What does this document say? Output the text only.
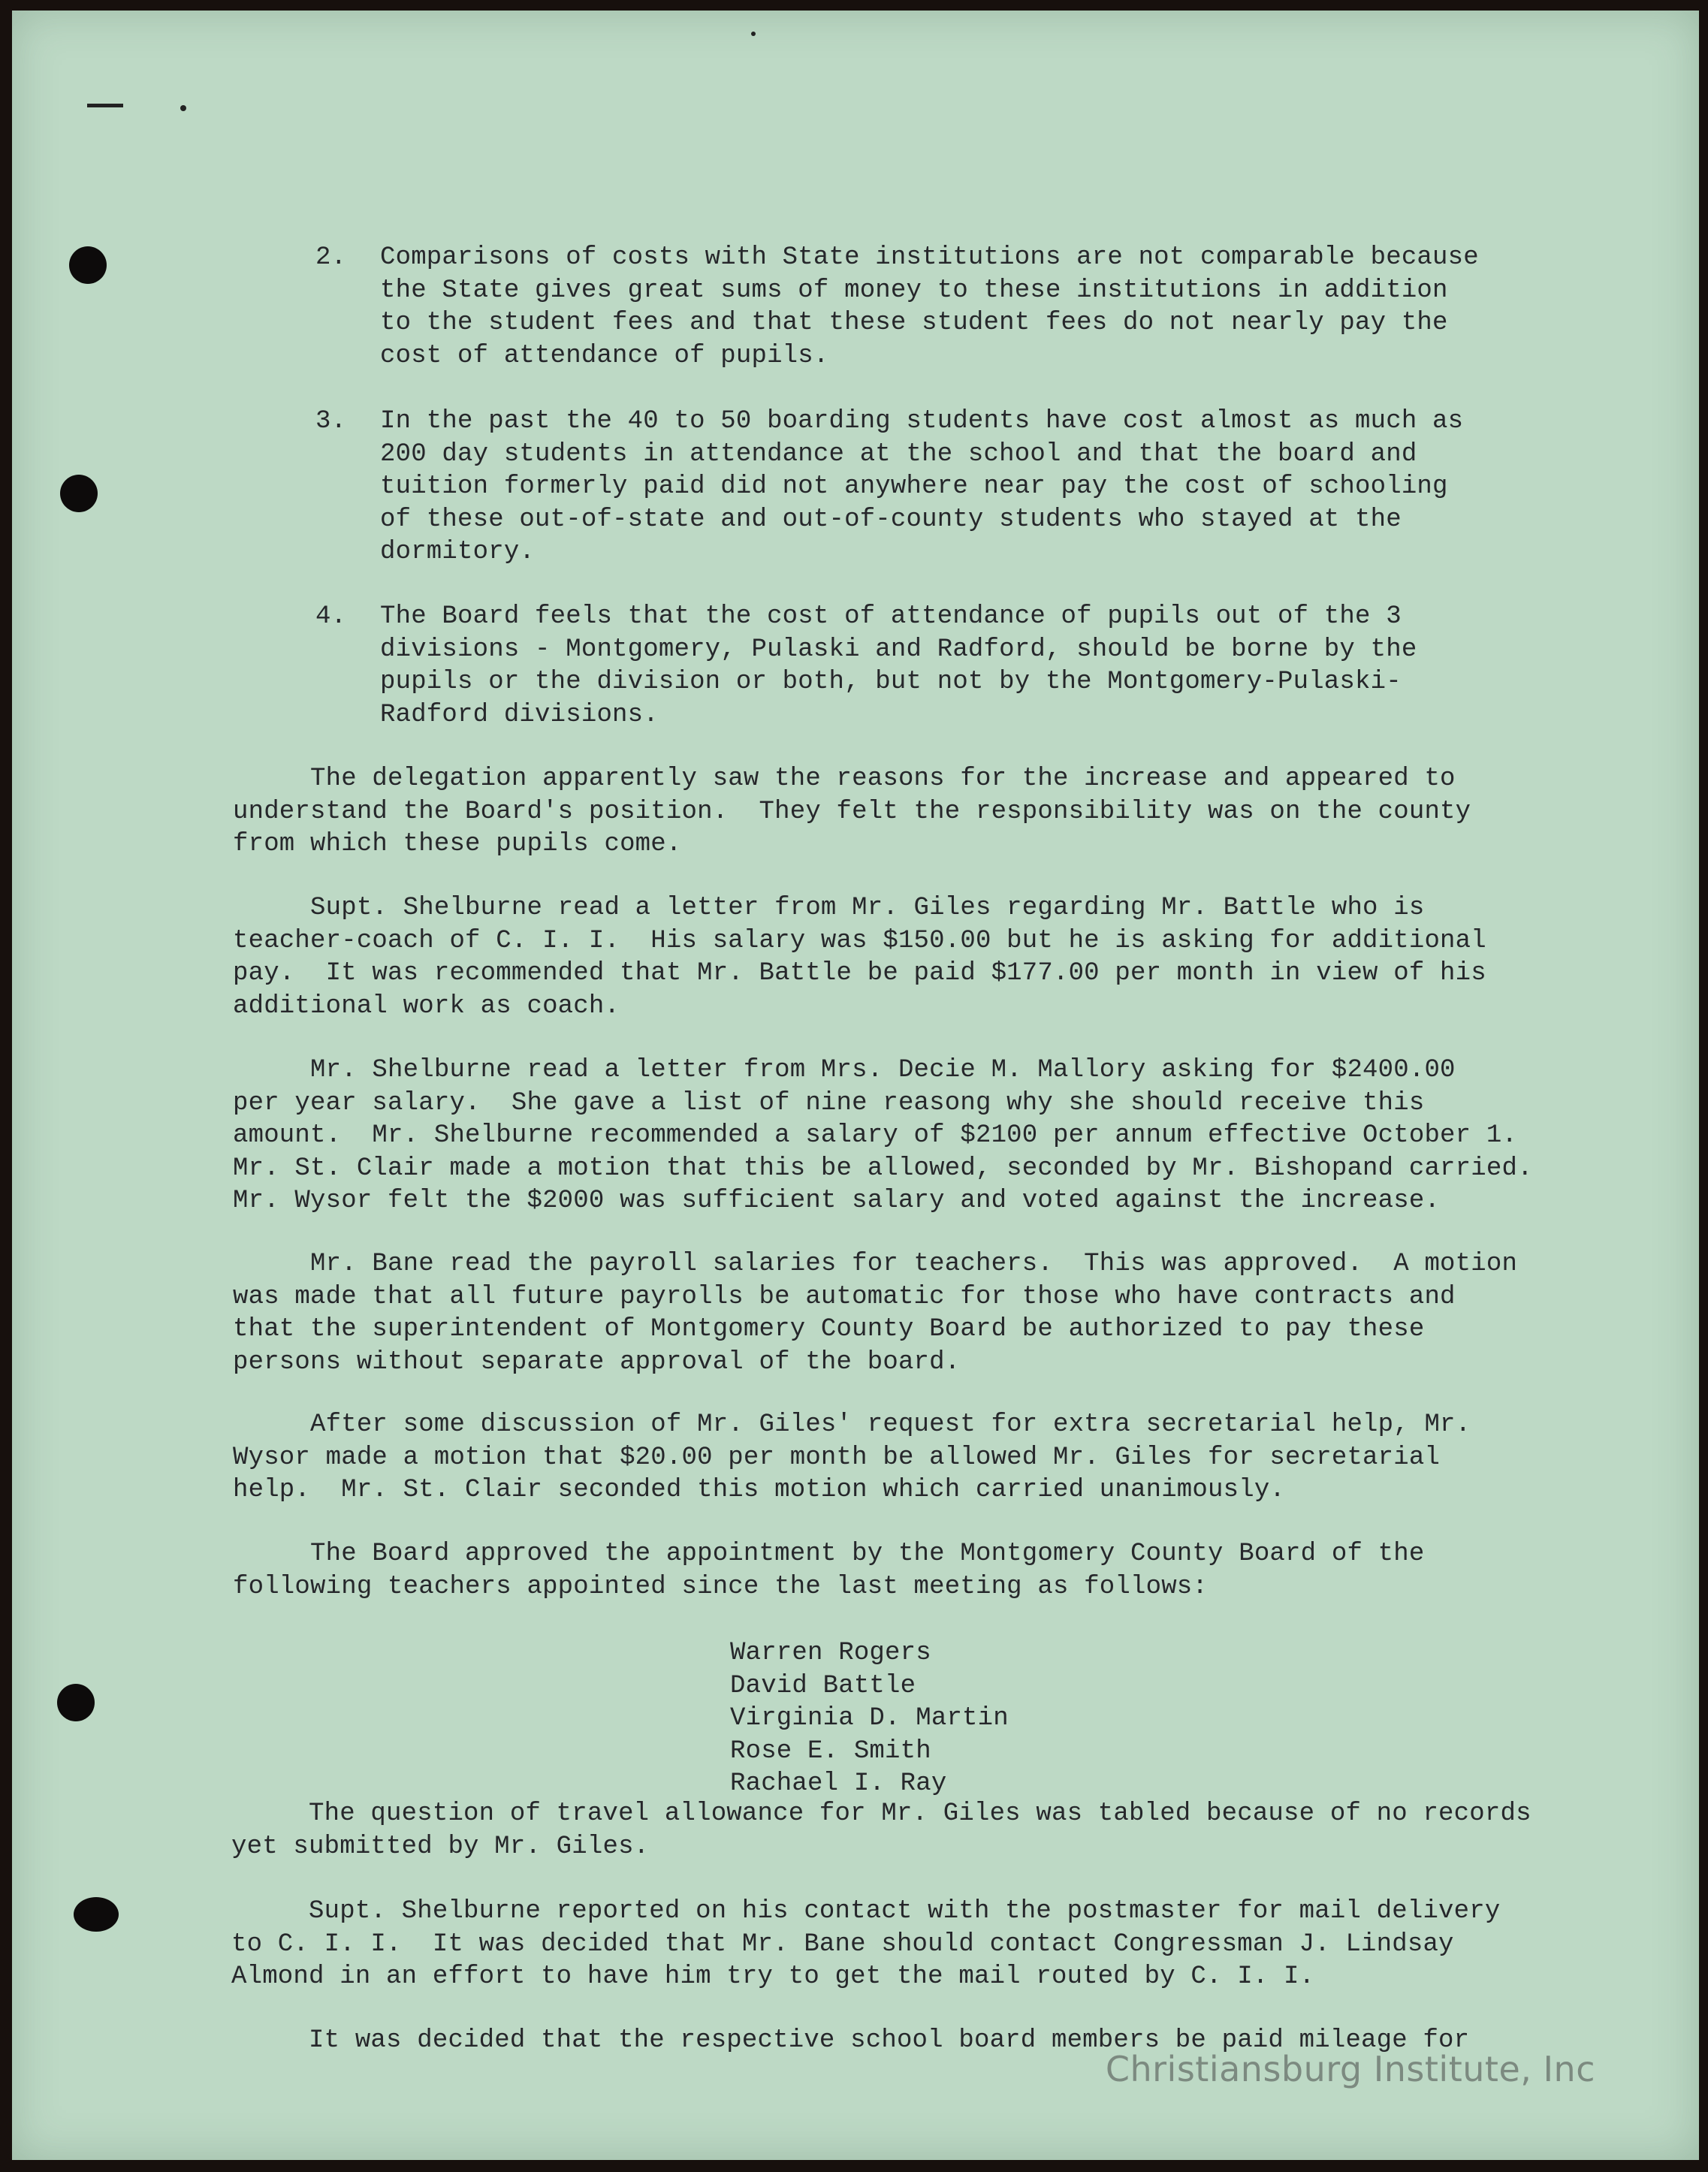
2. Comparisons of costs with State institutions are not comparable because
the State gives great sums of money to these institutions in addition
to the student fees and that these student fees do not nearly pay the
cost of attendance of pupils.
3. In the past the 40 to 50 boarding students have cost almost as much as
200 day students in attendance at the school and that the board and
tuition formerly paid did not anywhere near pay the cost of schooling
of these out-of-state and out-of-county students who stayed at the
dormitory.
4. The Board feels that the cost of attendance of pupils out of the 3
divisions - Montgomery, Pulaski and Radford, should be borne by the
pupils or the division or both, but not by the Montgomery-Pulaski-
Radford divisions.
The delegation apparently saw the reasons for the increase and appeared to
understand the Board's position.  They felt the responsibility was on the county
from which these pupils come.
Supt. Shelburne read a letter from Mr. Giles regarding Mr. Battle who is
teacher-coach of C. I. I.  His salary was $150.00 but he is asking for additional
pay.  It was recommended that Mr. Battle be paid $177.00 per month in view of his
additional work as coach.
Mr. Shelburne read a letter from Mrs. Decie M. Mallory asking for $2400.00
per year salary.  She gave a list of nine reasong why she should receive this
amount.  Mr. Shelburne recommended a salary of $2100 per annum effective October 1.
Mr. St. Clair made a motion that this be allowed, seconded by Mr. Bishopand carried.
Mr. Wysor felt the $2000 was sufficient salary and voted against the increase.
Mr. Bane read the payroll salaries for teachers.  This was approved.  A motion
was made that all future payrolls be automatic for those who have contracts and
that the superintendent of Montgomery County Board be authorized to pay these
persons without separate approval of the board.
After some discussion of Mr. Giles' request for extra secretarial help, Mr.
Wysor made a motion that $20.00 per month be allowed Mr. Giles for secretarial
help.  Mr. St. Clair seconded this motion which carried unanimously.
The Board approved the appointment by the Montgomery County Board of the
following teachers appointed since the last meeting as follows:
Warren Rogers
David Battle
Virginia D. Martin
Rose E. Smith
Rachael I. Ray
The question of travel allowance for Mr. Giles was tabled because of no records
yet submitted by Mr. Giles.
Supt. Shelburne reported on his contact with the postmaster for mail delivery
to C. I. I.  It was decided that Mr. Bane should contact Congressman J. Lindsay
Almond in an effort to have him try to get the mail routed by C. I. I.
It was decided that the respective school board members be paid mileage for
Christiansburg Institute, Inc
